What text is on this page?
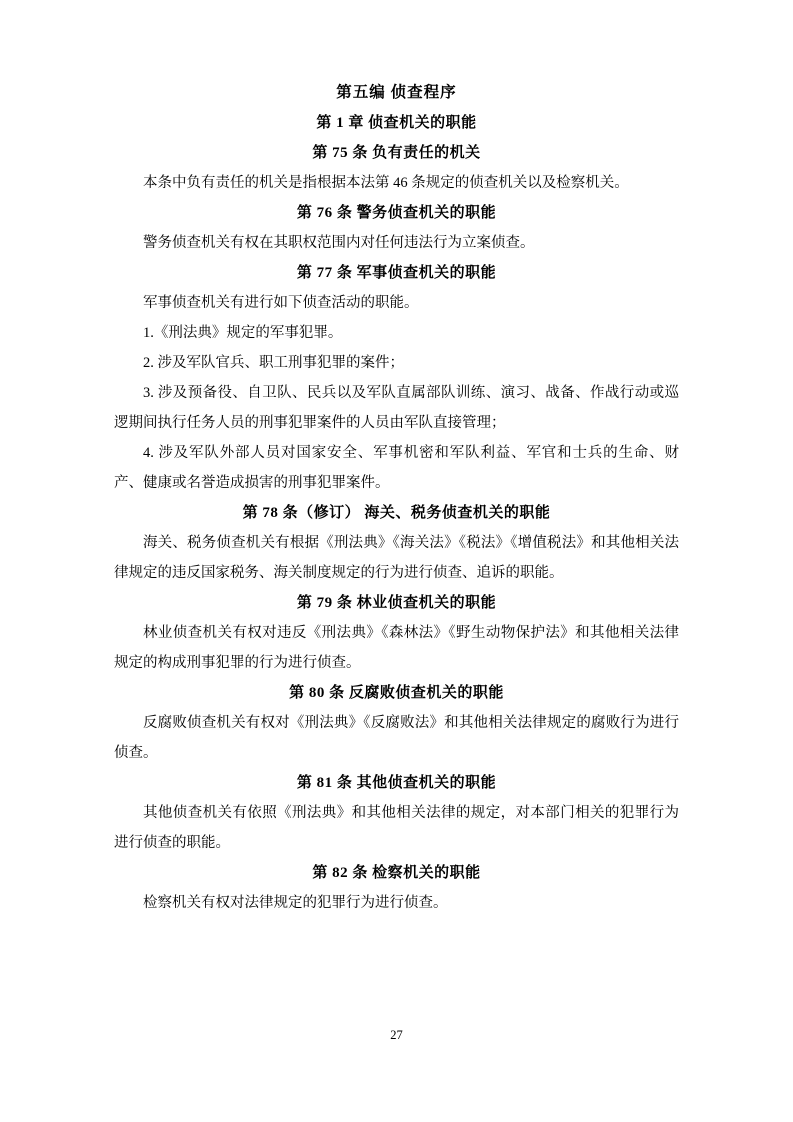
第五编 侦查程序
第 1 章 侦查机关的职能
第 75 条 负有责任的机关
本条中负有责任的机关是指根据本法第 46 条规定的侦查机关以及检察机关。
第 76 条 警务侦查机关的职能
警务侦查机关有权在其职权范围内对任何违法行为立案侦查。
第 77 条 军事侦查机关的职能
军事侦查机关有进行如下侦查活动的职能。
1.《刑法典》规定的军事犯罪。
2. 涉及军队官兵、职工刑事犯罪的案件；
3. 涉及预备役、自卫队、民兵以及军队直属部队训练、演习、战备、作战行动或巡逻期间执行任务人员的刑事犯罪案件的人员由军队直接管理；
4. 涉及军队外部人员对国家安全、军事机密和军队利益、军官和士兵的生命、财产、健康或名誉造成损害的刑事犯罪案件。
第 78 条（修订） 海关、税务侦查机关的职能
海关、税务侦查机关有根据《刑法典》《海关法》《税法》《增值税法》和其他相关法律规定的违反国家税务、海关制度规定的行为进行侦查、追诉的职能。
第 79 条 林业侦查机关的职能
林业侦查机关有权对违反《刑法典》《森林法》《野生动物保护法》和其他相关法律规定的构成刑事犯罪的行为进行侦查。
第 80 条 反腐败侦查机关的职能
反腐败侦查机关有权对《刑法典》《反腐败法》和其他相关法律规定的腐败行为进行侦查。
第 81 条 其他侦查机关的职能
其他侦查机关有依照《刑法典》和其他相关法律的规定，对本部门相关的犯罪行为进行侦查的职能。
第 82 条 检察机关的职能
检察机关有权对法律规定的犯罪行为进行侦查。
27
